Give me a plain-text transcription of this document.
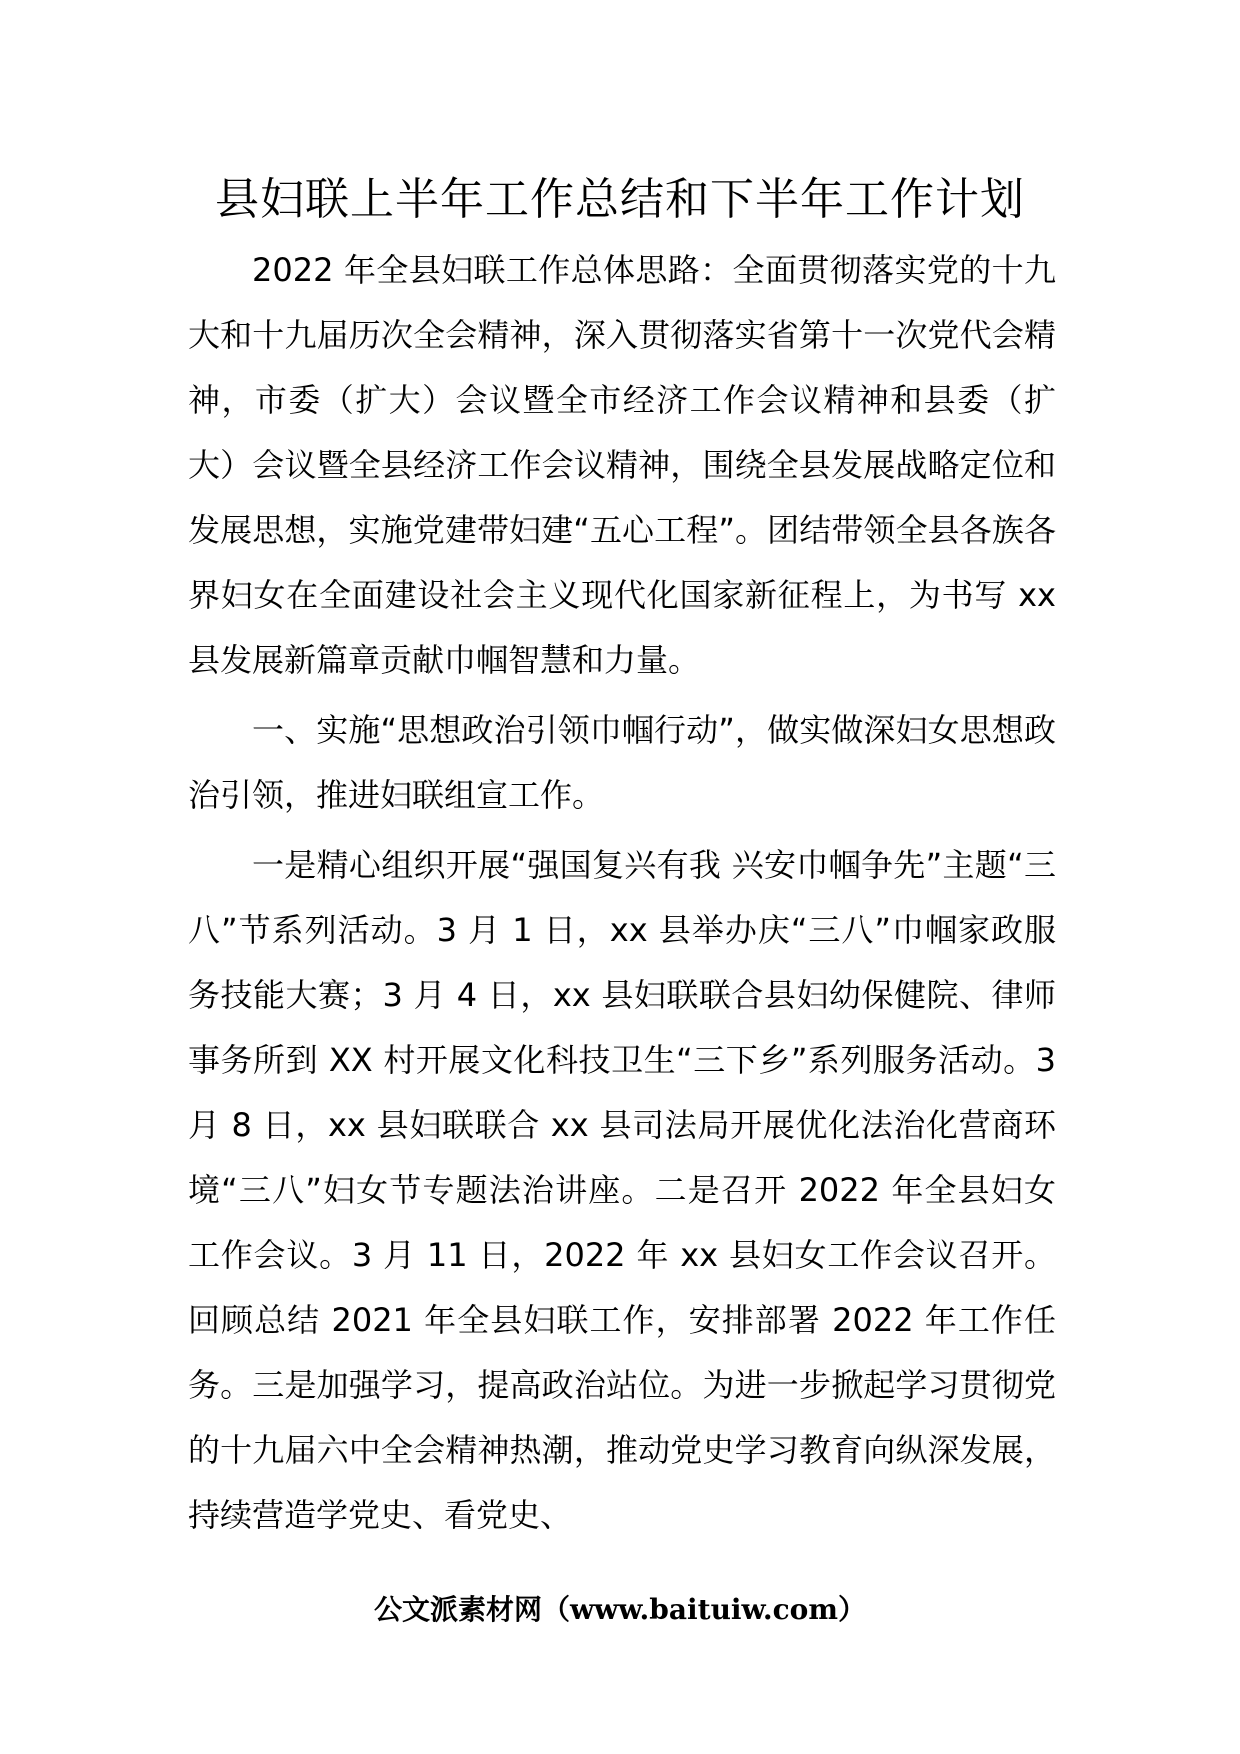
县妇联上半年工作总结和下半年工作计划

2022 年全县妇联工作总体思路：全面贯彻落实党的十九大和十九届历次全会精神，深入贯彻落实省第十一次党代会精神，市委（扩大）会议暨全市经济工作会议精神和县委（扩大）会议暨全县经济工作会议精神，围绕全县发展战略定位和发展思想，实施党建带妇建“五心工程”。团结带领全县各族各界妇女在全面建设社会主义现代化国家新征程上，为书写 xx 县发展新篇章贡献巾帼智慧和力量。

一、实施“思想政治引领巾帼行动”，做实做深妇女思想政治引领，推进妇联组宣工作。

一是精心组织开展“强国复兴有我 兴安巾帼争先”主题“三八”节系列活动。3 月 1 日，xx 县举办庆“三八”巾帼家政服务技能大赛；3 月 4 日，xx 县妇联联合县妇幼保健院、律师事务所到 XX 村开展文化科技卫生“三下乡”系列服务活动。3 月 8 日，xx 县妇联联合 xx 县司法局开展优化法治化营商环境“三八”妇女节专题法治讲座。二是召开 2022 年全县妇女工作会议。3 月 11 日，2022 年 xx 县妇女工作会议召开。回顾总结 2021 年全县妇联工作，安排部署 2022 年工作任务。三是加强学习，提高政治站位。为进一步掀起学习贯彻党的十九届六中全会精神热潮，推动党史学习教育向纵深发展，持续营造学党史、看党史、

公文派素材网（www.baituiw.com）
